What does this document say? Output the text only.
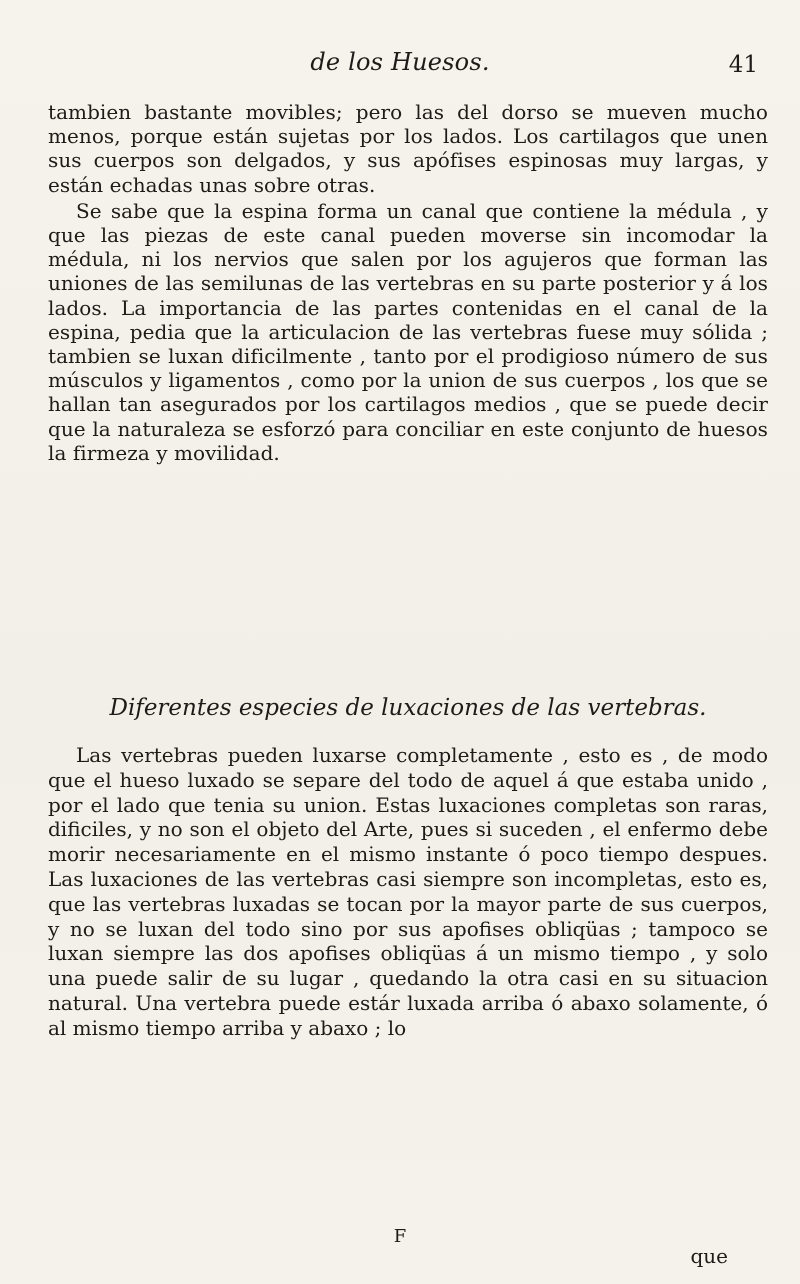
de los Huesos.	41

tambien bastante movibles; pero las del dorso se mueven mucho menos, porque están sujetas por los lados. Los cartilagos que unen sus cuerpos son delgados, y sus apófises espinosas muy largas, y están echadas unas sobre otras.

Se sabe que la espina forma un canal que contiene la médula , y que las piezas de este canal pueden moverse sin incomodar la médula, ni los nervios que salen por los agujeros que forman las uniones de las semilunas de las vertebras en su parte posterior y á los lados. La importancia de las partes contenidas en el canal de la espina, pedia que la articulacion de las vertebras fuese muy sólida ; tambien se luxan dificilmente , tanto por el prodigioso número de sus músculos y ligamentos , como por la union de sus cuerpos , los que se hallan tan asegurados por los cartilagos medios , que se puede decir que la naturaleza se esforzó para conciliar en este conjunto de huesos la firmeza y movilidad.

Diferentes especies de luxaciones de las vertebras.

Las vertebras pueden luxarse completamente , esto es , de modo que el hueso luxado se separe del todo de aquel á que estaba unido , por el lado que tenia su union. Estas luxaciones completas son raras, dificiles, y no son el objeto del Arte, pues si suceden , el enfermo debe morir necesariamente en el mismo instante ó poco tiempo despues. Las luxaciones de las vertebras casi siempre son incompletas, esto es, que las vertebras luxadas se tocan por la mayor parte de sus cuerpos, y no se luxan del todo sino por sus apofises obliqüas ; tampoco se luxan siempre las dos apofises obliqüas á un mismo tiempo , y solo una puede salir de su lugar , quedando la otra casi en su situacion natural. Una vertebra puede estár luxada arriba ó abaxo solamente, ó al mismo tiempo arriba y abaxo ; lo

F
que
